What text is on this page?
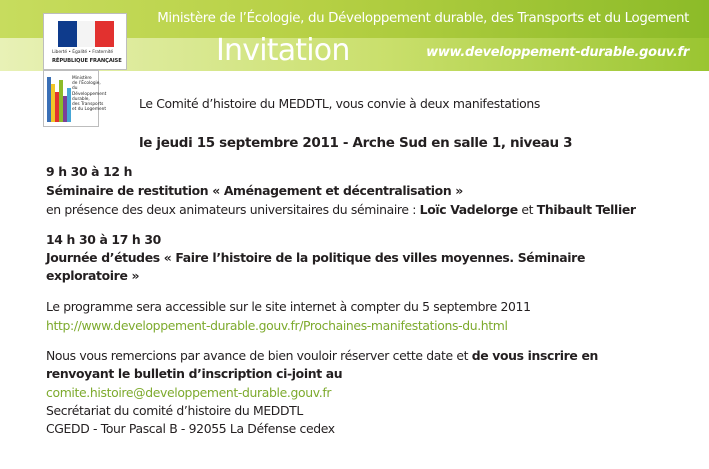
Ministère de l’Écologie, du Développement durable, des Transports et du Logement
Invitation	www.developpement-durable.gouv.fr
Liberté • Égalité • Fraternité
RÉPUBLIQUE FRANÇAISE
Ministère
de l’Écologie,
du Développement
durable,
des Transports
et du Logement	Le Comité d’histoire du MEDDTL, vous convie à deux manifestations
le jeudi 15 septembre 2011 - Arche Sud en salle 1, niveau 3
9 h 30 à 12 h
Séminaire de restitution « Aménagement et décentralisation »
en présence des deux animateurs universitaires du séminaire : Loïc Vadelorge et Thibault Tellier
14 h 30 à 17 h 30
Journée d’études « Faire l’histoire de la politique des villes moyennes. Séminaire
exploratoire »
Le programme sera accessible sur le site internet à compter du 5 septembre 2011
http://www.developpement-durable.gouv.fr/Prochaines-manifestations-du.html
Nous vous remercions par avance de bien vouloir réserver cette date et de vous inscrire en
renvoyant le bulletin d’inscription ci-joint au
comite.histoire@developpement-durable.gouv.fr
Secrétariat du comité d’histoire du MEDDTL
CGEDD - Tour Pascal B - 92055 La Défense cedex
